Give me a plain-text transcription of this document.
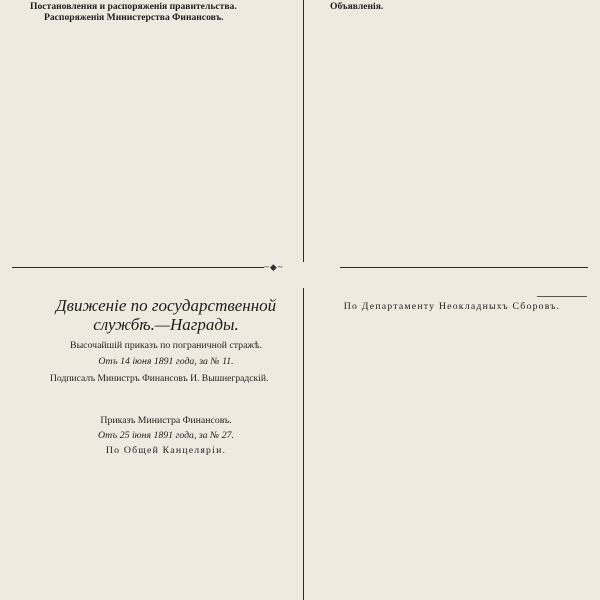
~◆~
Постановления и распоряженія правительства.
Распоряженія Министерства Финансовъ.
Объявленія.
Движеніе по государственной службѣ.—Награды.
Высочайшій приказъ по пограничной стражѣ.
Отъ 14 іюня 1891 года, за № 11.
Подписалъ Министръ Финансовъ И. Вышнеградскій.
Приказъ Министра Финансовъ.
Отъ 25 іюня 1891 года, за № 27.
По Общей Канцеляріи.
По Департаменту Неокладныхъ Сборовъ.
